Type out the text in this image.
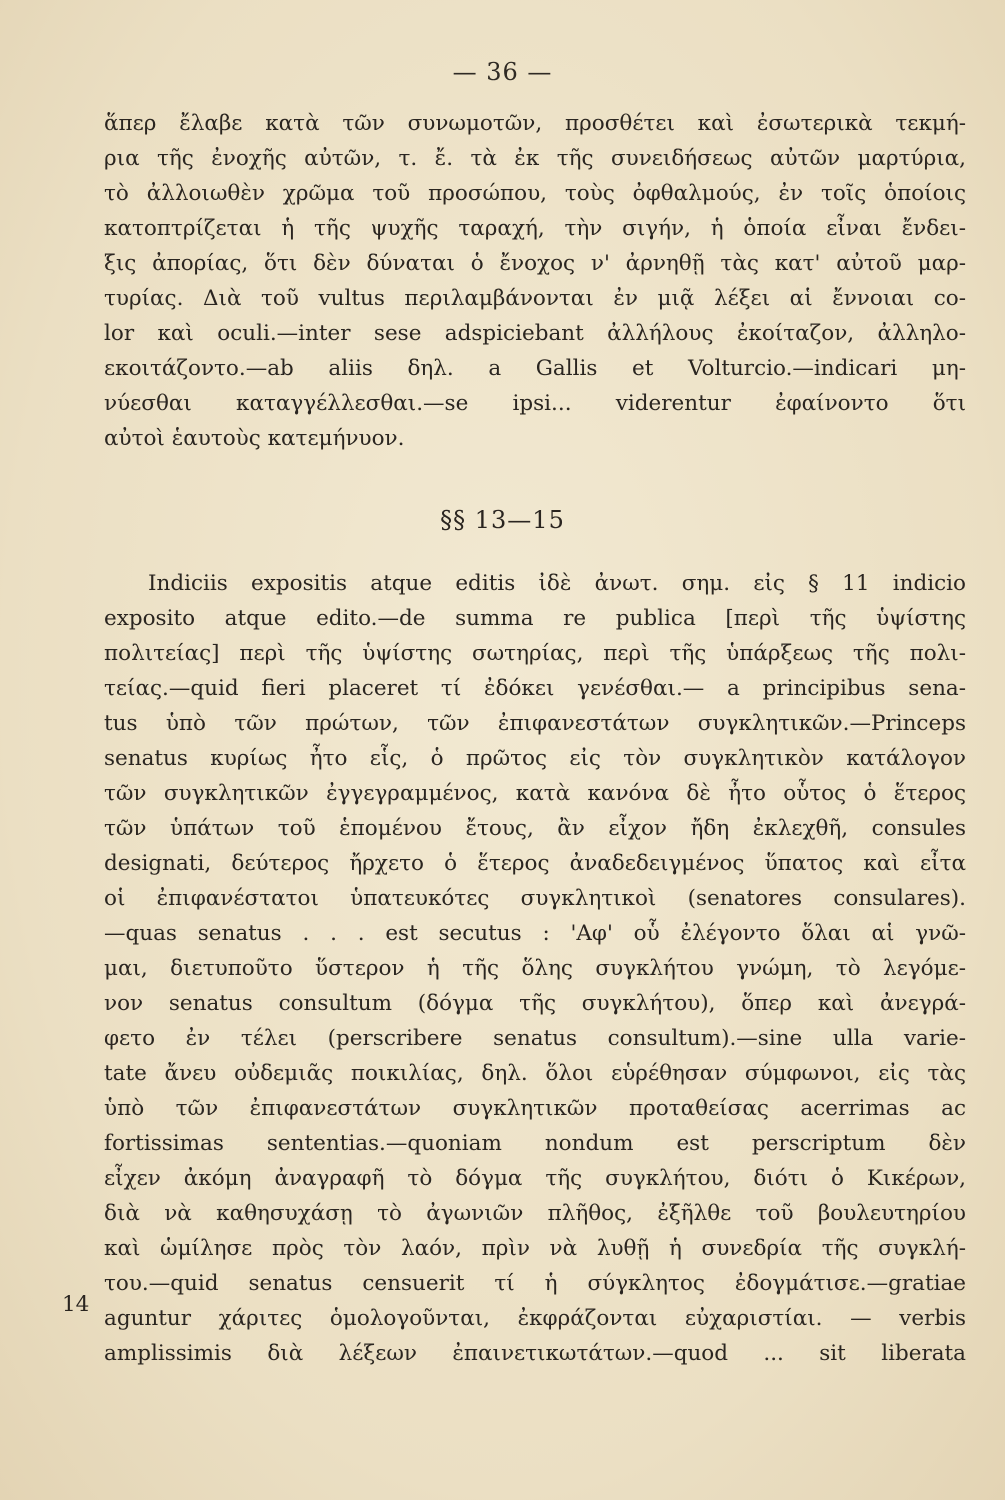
— 36 —
ἅπερ ἔλαβε κατὰ τῶν συνωμοτῶν, προσθέτει καὶ ἐσωτερικὰ τεκμή-
ρια τῆς ἐνοχῆς αὐτῶν, τ. ἔ. τὰ ἐκ τῆς συνειδήσεως αὐτῶν μαρτύρια,
τὸ ἀλλοιωθὲν χρῶμα τοῦ προσώπου, τοὺς ὀφθαλμούς, ἐν τοῖς ὁποίοις
κατοπτρίζεται ἡ τῆς ψυχῆς ταραχή, τὴν σιγήν, ἡ ὁποία εἶναι ἔνδει-
ξις ἀπορίας, ὅτι δὲν δύναται ὁ ἔνοχος ν' ἀρνηθῇ τὰς κατ' αὐτοῦ μαρ-
τυρίας. Διὰ τοῦ vultus περιλαμβάνονται ἐν μιᾷ λέξει αἱ ἔννοιαι co-
lor καὶ oculi.—inter sese adspiciebant ἀλλήλους ἐκοίταζον, ἀλληλο-
εκοιτάζοντο.—ab aliis δηλ. a Gallis et Volturcio.—indicari μη-
νύεσθαι καταγγέλλεσθαι.—se ipsi... viderentur ἐφαίνοντο ὅτι
αὐτοὶ ἑαυτοὺς κατεμήνυον.
§§ 13—15
Indiciis expositis atque editis ἰδὲ ἀνωτ. σημ. εἰς § 11 indicio
exposito atque edito.—de summa re publica [περὶ τῆς ὑψίστης
πολιτείας] περὶ τῆς ὑψίστης σωτηρίας, περὶ τῆς ὑπάρξεως τῆς πολι-
τείας.—quid fieri placeret τί ἐδόκει γενέσθαι.— a principibus sena-
tus ὑπὸ τῶν πρώτων, τῶν ἐπιφανεστάτων συγκλητικῶν.—Princeps
senatus κυρίως ἦτο εἷς, ὁ πρῶτος εἰς τὸν συγκλητικὸν κατάλογον
τῶν συγκλητικῶν ἐγγεγραμμένος, κατὰ κανόνα δὲ ἦτο οὗτος ὁ ἕτερος
τῶν ὑπάτων τοῦ ἑπομένου ἔτους, ἂν εἶχον ἤδη ἐκλεχθῆ, consules
designati, δεύτερος ἤρχετο ὁ ἕτερος ἀναδεδειγμένος ὕπατος καὶ εἶτα
οἱ ἐπιφανέστατοι ὑπατευκότες συγκλητικοὶ (senatores consulares).
—quas senatus . . . est secutus : 'Αφ' οὗ ἐλέγοντο ὅλαι αἱ γνῶ-
μαι, διετυποῦτο ὕστερον ἡ τῆς ὅλης συγκλήτου γνώμη, τὸ λεγόμε-
νον senatus consultum (δόγμα τῆς συγκλήτου), ὅπερ καὶ ἀνεγρά-
φετο ἐν τέλει (perscribere senatus consultum).—sine ulla varie-
tate ἄνευ οὐδεμιᾶς ποικιλίας, δηλ. ὅλοι εὑρέθησαν σύμφωνοι, εἰς τὰς
ὑπὸ τῶν ἐπιφανεστάτων συγκλητικῶν προταθείσας acerrimas ac
fortissimas sententias.—quoniam nondum est perscriptum δὲν
εἶχεν ἀκόμη ἀναγραφῆ τὸ δόγμα τῆς συγκλήτου, διότι ὁ Κικέρων,
διὰ νὰ καθησυχάσῃ τὸ ἀγωνιῶν πλῆθος, ἐξῆλθε τοῦ βουλευτηρίου
καὶ ὡμίλησε πρὸς τὸν λαόν, πρὶν νὰ λυθῇ ἡ συνεδρία τῆς συγκλή-
του.—quid senatus censuerit τί ἡ σύγκλητος ἐδογμάτισε.—gratiae
aguntur χάριτες ὁμολογοῦνται, ἐκφράζονται εὐχαριστίαι. — verbis
amplissimis διὰ λέξεων ἐπαινετικωτάτων.—quod ... sit liberata
14
